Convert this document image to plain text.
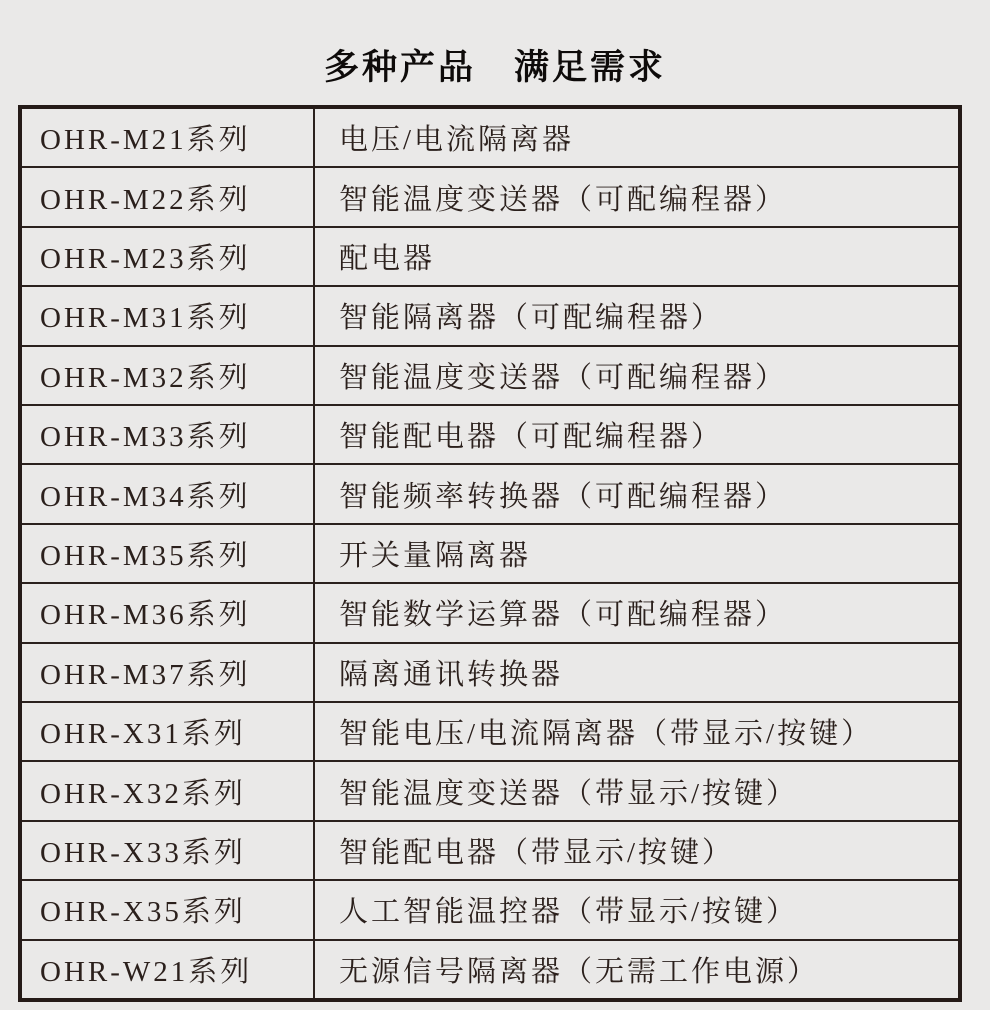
多种产品　满足需求
OHR-M21系列	电压/电流隔离器
OHR-M22系列	智能温度变送器（可配编程器）
OHR-M23系列	配电器
OHR-M31系列	智能隔离器（可配编程器）
OHR-M32系列	智能温度变送器（可配编程器）
OHR-M33系列	智能配电器（可配编程器）
OHR-M34系列	智能频率转换器（可配编程器）
OHR-M35系列	开关量隔离器
OHR-M36系列	智能数学运算器（可配编程器）
OHR-M37系列	隔离通讯转换器
OHR-X31系列	智能电压/电流隔离器（带显示/按键）
OHR-X32系列	智能温度变送器（带显示/按键）
OHR-X33系列	智能配电器（带显示/按键）
OHR-X35系列	人工智能温控器（带显示/按键）
OHR-W21系列	无源信号隔离器（无需工作电源）
